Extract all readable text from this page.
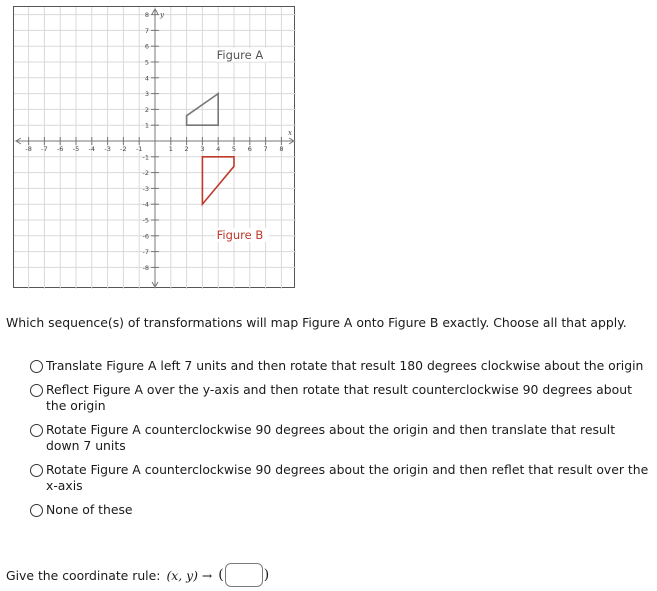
-8 -7 -6 -5 -4 -3 -2 -1	1 2 3 4 5 6 7 8
8
7
6
5
4
3
2
1
-1
-2
-3
-4
-5
-6
-7
-8
x
y
Figure A
Figure B

Which sequence(s) of transformations will map Figure A onto Figure B exactly. Choose all that apply.

Translate Figure A left 7 units and then rotate that result 180 degrees clockwise about the origin
Reflect Figure A over the y-axis and then rotate that result counterclockwise 90 degrees about the origin
Rotate Figure A counterclockwise 90 degrees about the origin and then translate that result down 7 units
Rotate Figure A counterclockwise 90 degrees about the origin and then reflet that result over the x-axis
None of these
Give the coordinate rule: (x, y) → (	)
